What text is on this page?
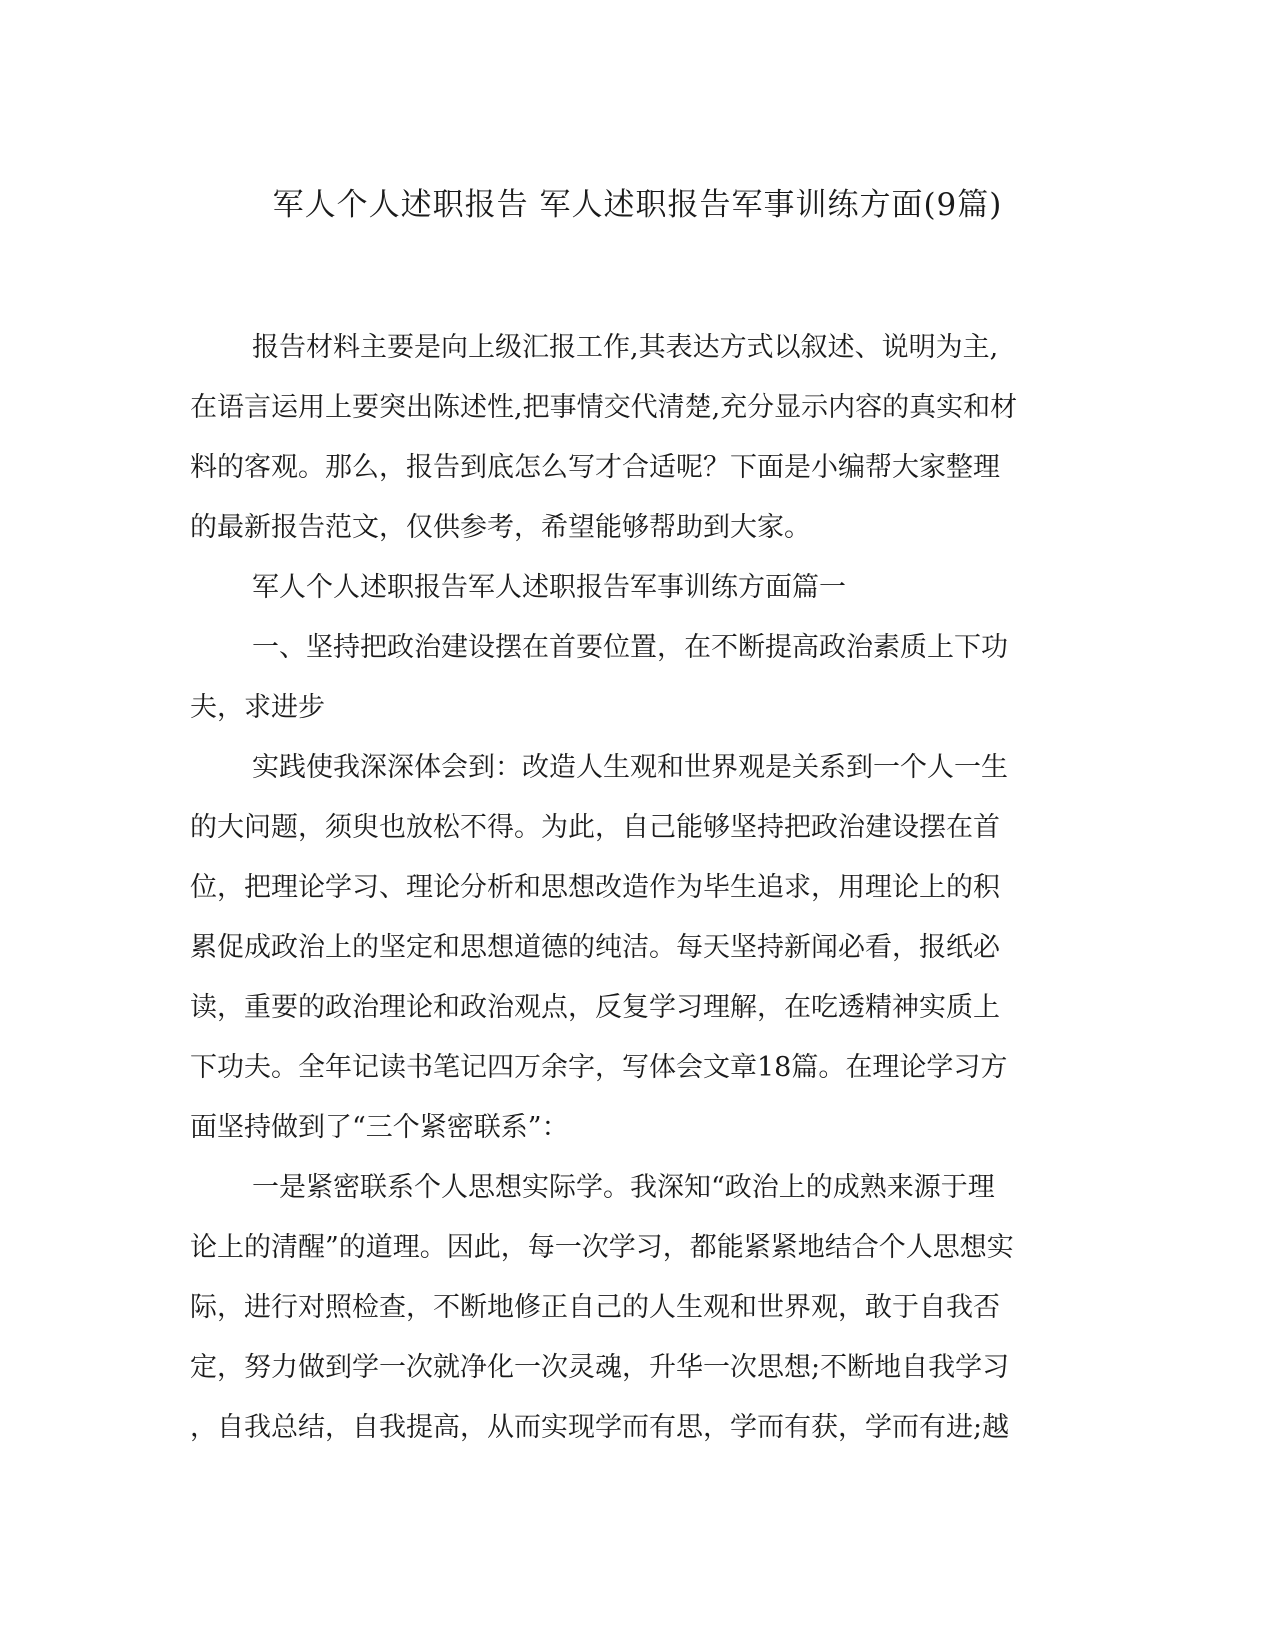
军人个人述职报告 军人述职报告军事训练方面(9篇)

报告材料主要是向上级汇报工作,其表达方式以叙述、说明为主,

在语言运用上要突出陈述性,把事情交代清楚,充分显示内容的真实和材

料的客观。那么，报告到底怎么写才合适呢？下面是小编帮大家整理

的最新报告范文，仅供参考，希望能够帮助到大家。

军人个人述职报告军人述职报告军事训练方面篇一

一、坚持把政治建设摆在首要位置，在不断提高政治素质上下功

夫，求进步

实践使我深深体会到：改造人生观和世界观是关系到一个人一生

的大问题，须臾也放松不得。为此，自己能够坚持把政治建设摆在首

位，把理论学习、理论分析和思想改造作为毕生追求，用理论上的积

累促成政治上的坚定和思想道德的纯洁。每天坚持新闻必看，报纸必

读，重要的政治理论和政治观点，反复学习理解，在吃透精神实质上

下功夫。全年记读书笔记四万余字，写体会文章18篇。在理论学习方

面坚持做到了“三个紧密联系”：

一是紧密联系个人思想实际学。我深知“政治上的成熟来源于理

论上的清醒”的道理。因此，每一次学习，都能紧紧地结合个人思想实

际，进行对照检查，不断地修正自己的人生观和世界观，敢于自我否

定，努力做到学一次就净化一次灵魂，升华一次思想;不断地自我学习

，自我总结，自我提高，从而实现学而有思，学而有获，学而有进;越
